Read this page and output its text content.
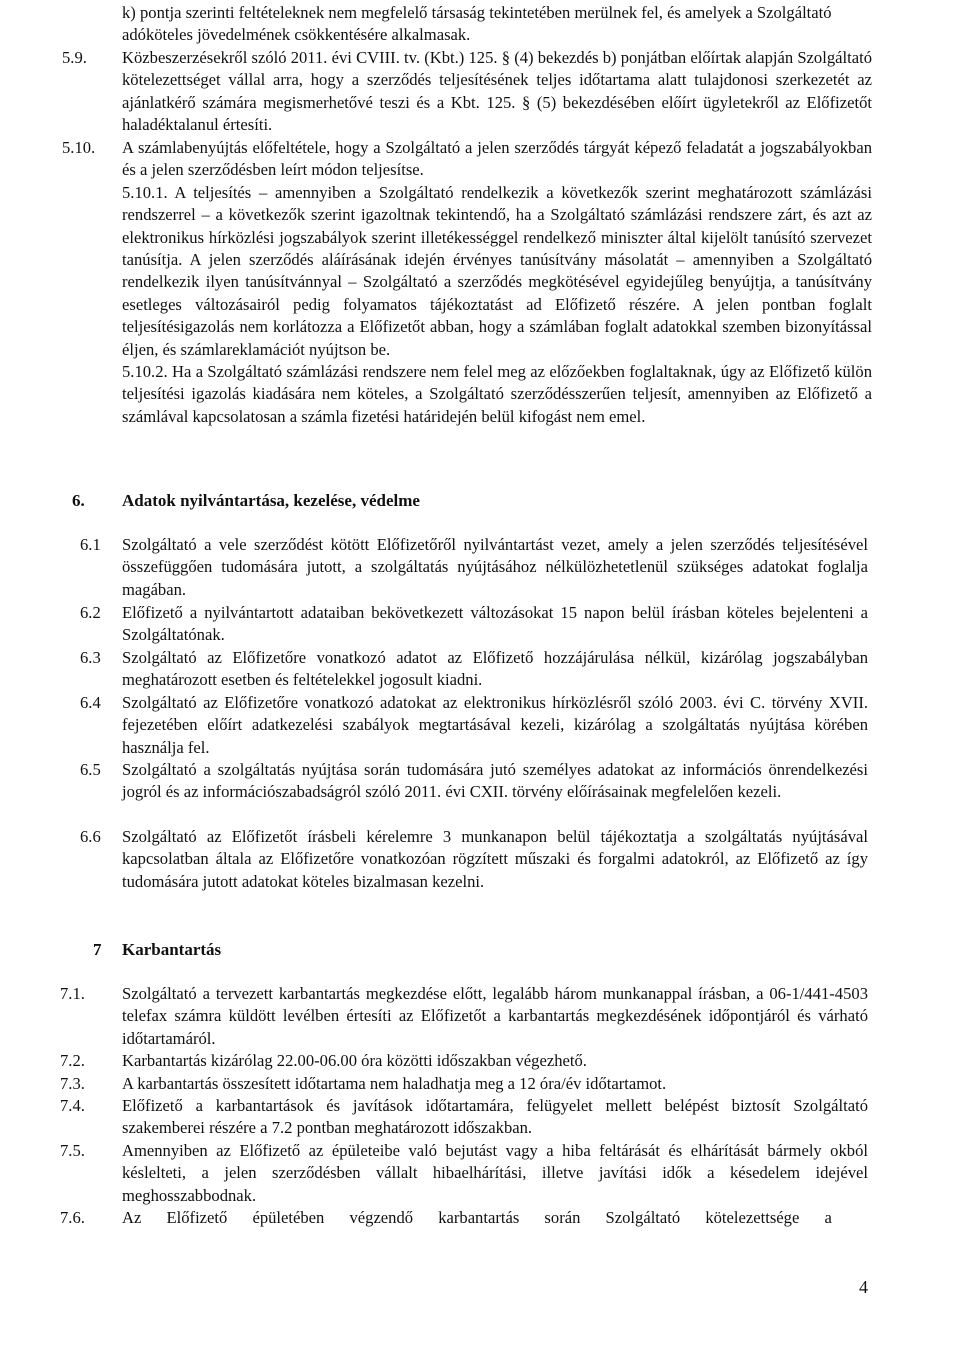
k) pontja szerinti feltételeknek nem megfelelő társaság tekintetében merülnek fel, és amelyek a Szolgáltató adóköteles jövedelmének csökkentésére alkalmasak.
5.9. Közbeszerzésekről szóló 2011. évi CVIII. tv. (Kbt.) 125. § (4) bekezdés b) ponjátban előírtak alapján Szolgáltató kötelezettséget vállal arra, hogy a szerződés teljesítésének teljes időtartama alatt tulajdonosi szerkezetét az ajánlatkérő számára megismerhetővé teszi és a Kbt. 125. § (5) bekezdésében előírt ügyletekről az Előfizetőt haladéktalanul értesíti.
5.10. A számlabenyújtás előfeltétele, hogy a Szolgáltató a jelen szerződés tárgyát képező feladatát a jogszabályokban és a jelen szerződésben leírt módon teljesítse.
5.10.1. A teljesítés – amennyiben a Szolgáltató rendelkezik a következők szerint meghatározott számlázási rendszerrel – a következők szerint igazoltnak tekintendő, ha a Szolgáltató számlázási rendszere zárt, és azt az elektronikus hírközlési jogszabályok szerint illetékességgel rendelkező miniszter által kijelölt tanúsító szervezet tanúsítja. A jelen szerződés aláírásának idején érvényes tanúsítvány másolatát – amennyiben a Szolgáltató rendelkezik ilyen tanúsítvánnyal – Szolgáltató a szerződés megkötésével egyidejűleg benyújtja, a tanúsítvány esetleges változásairól pedig folyamatos tájékoztatást ad Előfizető részére. A jelen pontban foglalt teljesítésigazolás nem korlátozza a Előfizetőt abban, hogy a számlában foglalt adatokkal szemben bizonyítással éljen, és számlareklamációt nyújtson be.
5.10.2. Ha a Szolgáltató számlázási rendszere nem felel meg az előzőekben foglaltaknak, úgy az Előfizető külön teljesítési igazolás kiadására nem köteles, a Szolgáltató szerződésszerűen teljesít, amennyiben az Előfizető a számlával kapcsolatosan a számla fizetési határidején belül kifogást nem emel.
6. Adatok nyilvántartása, kezelése, védelme
6.1 Szolgáltató a vele szerződést kötött Előfizetőről nyilvántartást vezet, amely a jelen szerződés teljesítésével összefüggően tudomására jutott, a szolgáltatás nyújtásához nélkülözhetetlenül szükséges adatokat foglalja magában.
6.2 Előfizető a nyilvántartott adataiban bekövetkezett változásokat 15 napon belül írásban köteles bejelenteni a Szolgáltatónak.
6.3 Szolgáltató az Előfizetőre vonatkozó adatot az Előfizető hozzájárulása nélkül, kizárólag jogszabályban meghatározott esetben és feltételekkel jogosult kiadni.
6.4 Szolgáltató az Előfizetőre vonatkozó adatokat az elektronikus hírközlésről szóló 2003. évi C. törvény XVII. fejezetében előírt adatkezelési szabályok megtartásával kezeli, kizárólag a szolgáltatás nyújtása körében használja fel.
6.5 Szolgáltató a szolgáltatás nyújtása során tudomására jutó személyes adatokat az információs önrendelkezési jogról és az információszabadságról szóló 2011. évi CXII. törvény előírásainak megfelelően kezeli.
6.6 Szolgáltató az Előfizetőt írásbeli kérelemre 3 munkanapon belül tájékoztatja a szolgáltatás nyújtásával kapcsolatban általa az Előfizetőre vonatkozóan rögzített műszaki és forgalmi adatokról, az Előfizető az így tudomására jutott adatokat köteles bizalmasan kezelni.
7 Karbantartás
7.1. Szolgáltató a tervezett karbantartás megkezdése előtt, legalább három munkanappal írásban, a 06-1/441-4503 telefax számra küldött levélben értesíti az Előfizetőt a karbantartás megkezdésének időpontjáról és várható időtartamáról.
7.2. Karbantartás kizárólag 22.00-06.00 óra közötti időszakban végezhető.
7.3. A karbantartás összesített időtartama nem haladhatja meg a 12 óra/év időtartamot.
7.4. Előfizető a karbantartások és javítások időtartamára, felügyelet mellett belépést biztosít Szolgáltató szakemberei részére a 7.2 pontban meghatározott időszakban.
7.5. Amennyiben az Előfizető az épületeibe való bejutást vagy a hiba feltárását és elhárítását bármely okból késlelteti, a jelen szerződésben vállalt hibaelhárítási, illetve javítási idők a késedelem idejével meghosszabbodnak.
7.6. Az Előfizető épületében végzendő karbantartás során Szolgáltató kötelezettsége a
4
